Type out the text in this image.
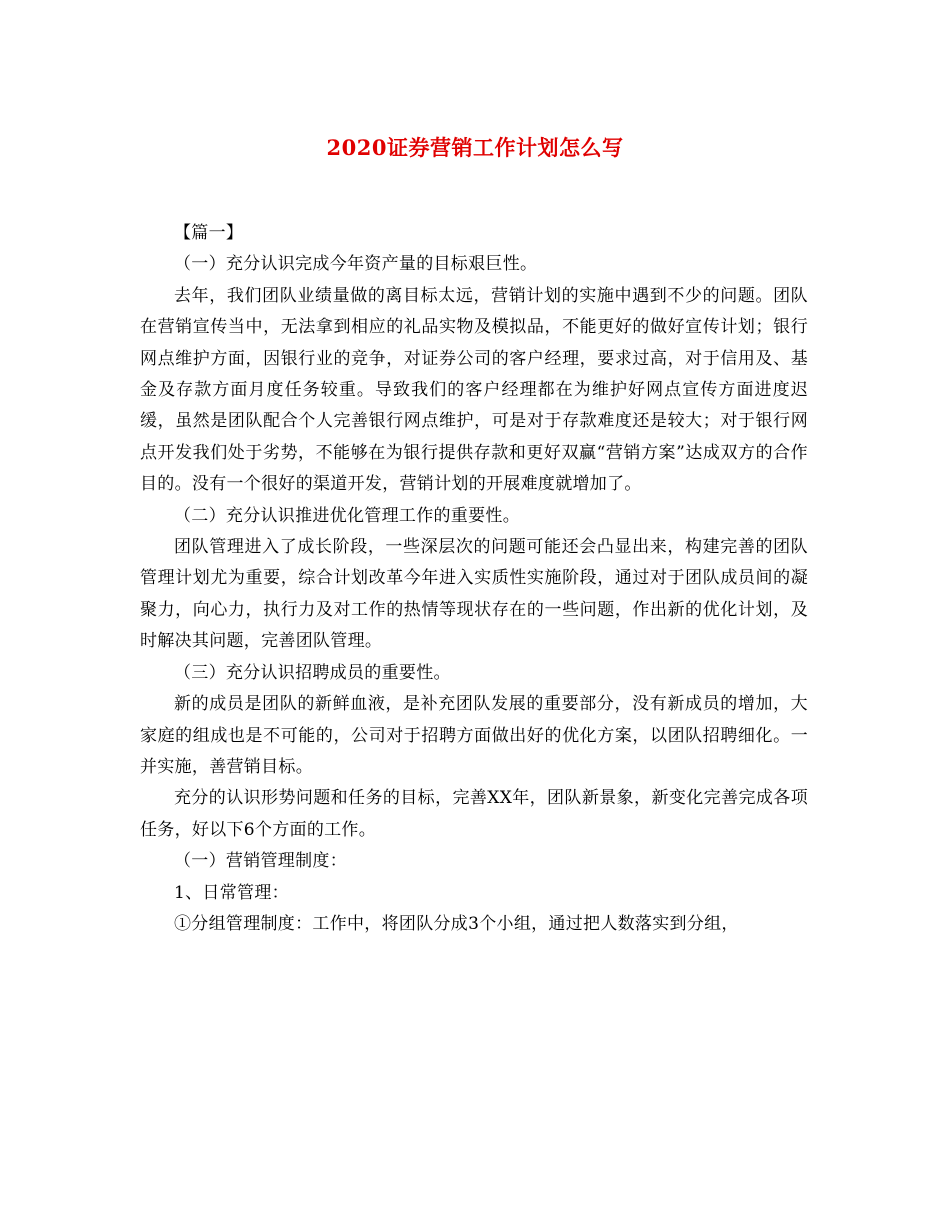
2020证券营销工作计划怎么写

【篇一】

（一）充分认识完成今年资产量的目标艰巨性。

去年，我们团队业绩量做的离目标太远，营销计划的实施中遇到不少的问题。团队在营销宣传当中，无法拿到相应的礼品实物及模拟品，不能更好的做好宣传计划；银行网点维护方面，因银行业的竞争，对证券公司的客户经理，要求过高，对于信用及、基金及存款方面月度任务较重。导致我们的客户经理都在为维护好网点宣传方面进度迟缓，虽然是团队配合个人完善银行网点维护，可是对于存款难度还是较大；对于银行网点开发我们处于劣势，不能够在为银行提供存款和更好双赢“营销方案”达成双方的合作目的。没有一个很好的渠道开发，营销计划的开展难度就增加了。

（二）充分认识推进优化管理工作的重要性。

团队管理进入了成长阶段，一些深层次的问题可能还会凸显出来，构建完善的团队管理计划尤为重要，综合计划改革今年进入实质性实施阶段，通过对于团队成员间的凝聚力，向心力，执行力及对工作的热情等现状存在的一些问题，作出新的优化计划，及时解决其问题，完善团队管理。

（三）充分认识招聘成员的重要性。

新的成员是团队的新鲜血液，是补充团队发展的重要部分，没有新成员的增加，大家庭的组成也是不可能的，公司对于招聘方面做出好的优化方案，以团队招聘细化。一并实施，善营销目标。

充分的认识形势问题和任务的目标，完善XX年，团队新景象，新变化完善完成各项任务，好以下6个方面的工作。

（一）营销管理制度：

1、日常管理：

①分组管理制度：工作中，将团队分成3个小组，通过把人数落实到分组，
